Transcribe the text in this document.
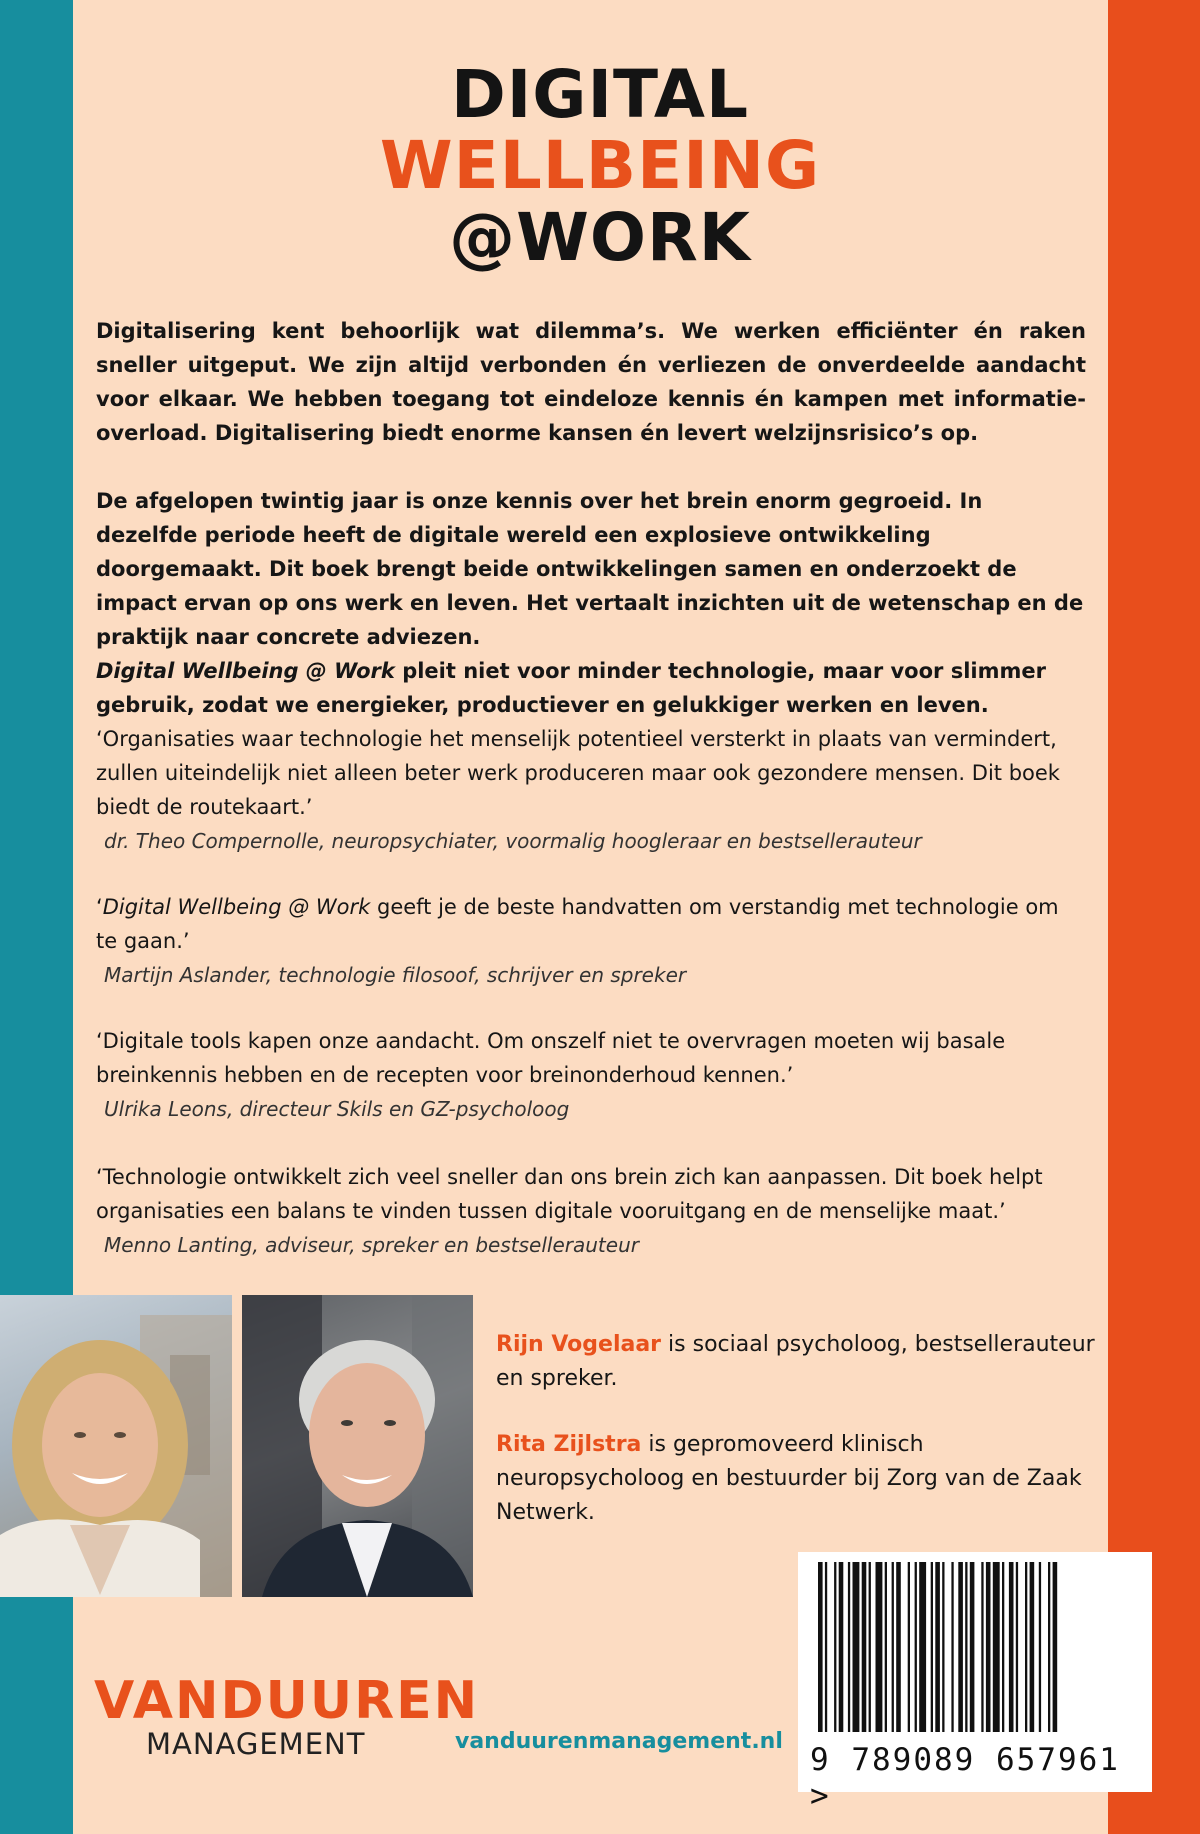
DIGITAL
WELLBEING
@WORK

Digitalisering kent behoorlijk wat dilemma’s. We werken efficiënter én raken sneller uitgeput. We zijn altijd verbonden én verliezen de onverdeelde aandacht voor elkaar. We hebben toegang tot eindeloze kennis én kampen met informatie-overload. Digitalisering biedt enorme kansen én levert welzijnsrisico’s op.

De afgelopen twintig jaar is onze kennis over het brein enorm gegroeid. In dezelfde periode heeft de digitale wereld een explosieve ontwikkeling doorgemaakt. Dit boek brengt beide ontwikkelingen samen en onderzoekt de impact ervan op ons werk en leven. Het vertaalt inzichten uit de wetenschap en de praktijk naar concrete adviezen.
Digital Wellbeing @ Work pleit niet voor minder technologie, maar voor slimmer gebruik, zodat we energieker, productiever en gelukkiger werken en leven.

‘Organisaties waar technologie het menselijk potentieel versterkt in plaats van vermindert, zullen uiteindelijk niet alleen beter werk produceren maar ook gezondere mensen. Dit boek biedt de routekaart.’
dr. Theo Compernolle, neuropsychiater, voormalig hoogleraar en bestsellerauteur

‘Digital Wellbeing @ Work geeft je de beste handvatten om verstandig met technologie om te gaan.’
Martijn Aslander, technologie filosoof, schrijver en spreker

‘Digitale tools kapen onze aandacht. Om onszelf niet te overvragen moeten wij basale breinkennis hebben en de recepten voor breinonderhoud kennen.’
Ulrika Leons, directeur Skils en GZ-psycholoog

‘Technologie ontwikkelt zich veel sneller dan ons brein zich kan aanpassen. Dit boek helpt organisaties een balans te vinden tussen digitale vooruitgang en de menselijke maat.’
Menno Lanting, adviseur, spreker en bestsellerauteur

Rijn Vogelaar is sociaal psycholoog, bestsellerauteur en spreker.

Rita Zijlstra is gepromoveerd klinisch neuropsycholoog en bestuurder bij Zorg van de Zaak Netwerk.

VANDUUREN
MANAGEMENT	vanduurenmanagement.nl
9 789089 657961 >
